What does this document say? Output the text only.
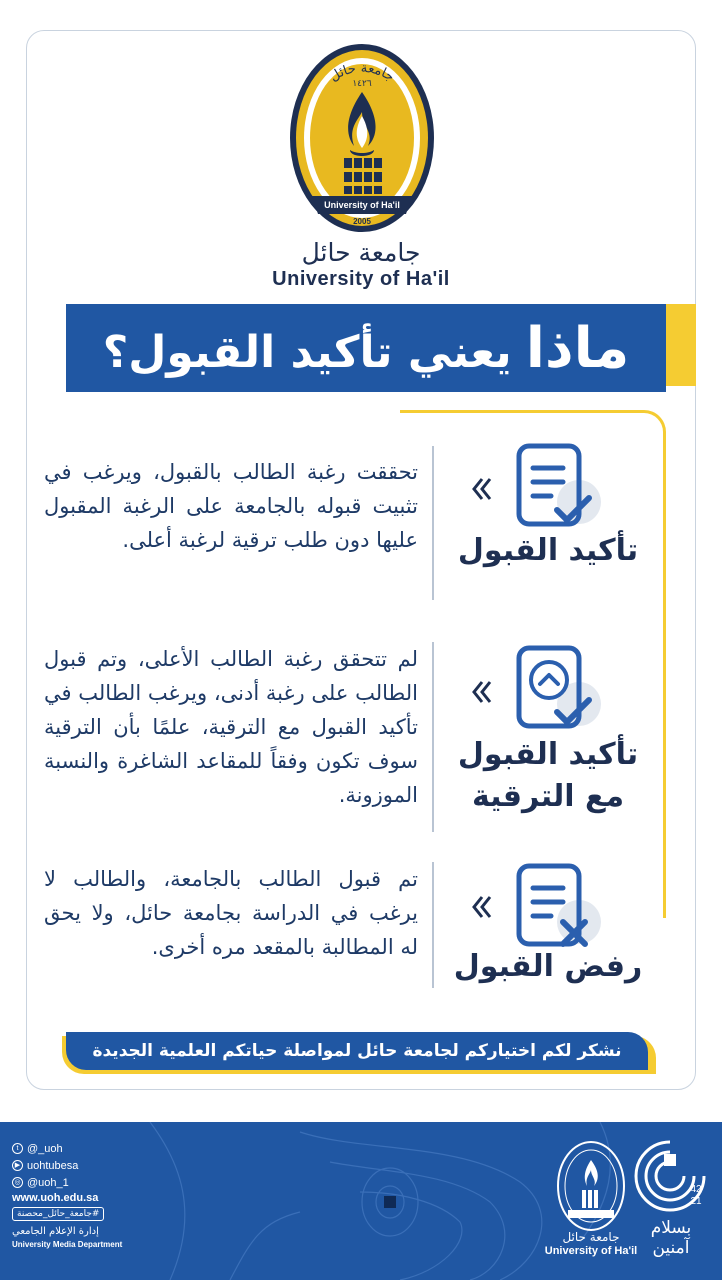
جامعة حائل
١٤٢٦
University of Ha'il
2005
جامعة حائل
University of Ha'il
ماذايعني تأكيد القبول؟
تأكيد القبول
تحققت رغبة الطالب بالقبول، ويرغب في تثبيت قبوله بالجامعة على الرغبة المقبول عليها دون طلب ترقية لرغبة أعلى.
تأكيد القبول
مع الترقية
لم تتحقق رغبة الطالب الأعلى، وتم قبول الطالب على رغبة أدنى، ويرغب الطالب في تأكيد القبول مع الترقية، علمًا بأن الترقية سوف تكون وفقاً للمقاعد الشاغرة والنسبة الموزونة.
رفض القبول
تم قبول الطالب بالجامعة، والطالب لا يرغب في الدراسة بجامعة حائل، ولا يحق له المطالبة بالمقعد مره أخرى.
نشكر لكم اختياركم لجامعة حائل لمواصلة حياتكم العلمية الجديدة
t @_uoh
▶ uohtubesa
◎ @uoh_1
www.uoh.edu.sa
#جامعة_حائل_محصنة
إدارة الإعلام الجامعي
University Media Department
جامعة حائل
University of Ha'il
42
21
بسلام
آمنين
